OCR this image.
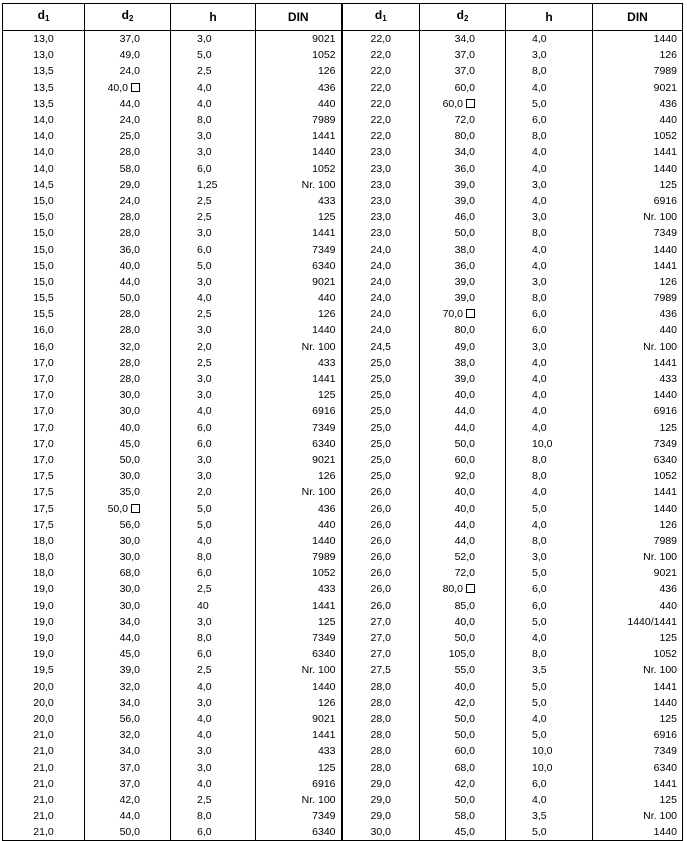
$d_1$	$d_2$	h	DIN	$d_1$	$d_2$	h	DIN
13,0	37,0	3,0	9021	22,0	34,0	4,0	1440
13,0	49,0	5,0	1052	22,0	37,0	3,0	126
13,5	24,0	2,5	126	22,0	37,0	8,0	7989
13,5	40,0	4,0	436	22,0	60,0	4,0	9021
13,5	44,0	4,0	440	22,0	60,0	5,0	436
14,0	24,0	8,0	7989	22,0	72,0	6,0	440
14,0	25,0	3,0	1441	22,0	80,0	8,0	1052
14,0	28,0	3,0	1440	23,0	34,0	4,0	1441
14,0	58,0	6,0	1052	23,0	36,0	4,0	1440
14,5	29,0	1,25	Nr. 100	23,0	39,0	3,0	125
15,0	24,0	2,5	433	23,0	39,0	4,0	6916
15,0	28,0	2,5	125	23,0	46,0	3,0	Nr. 100
15,0	28,0	3,0	1441	23,0	50,0	8,0	7349
15,0	36,0	6,0	7349	24,0	38,0	4,0	1440
15,0	40,0	5,0	6340	24,0	36,0	4,0	1441
15,0	44,0	3,0	9021	24,0	39,0	3,0	126
15,5	50,0	4,0	440	24,0	39,0	8,0	7989
15,5	28,0	2,5	126	24,0	70,0	6,0	436
16,0	28,0	3,0	1440	24,0	80,0	6,0	440
16,0	32,0	2,0	Nr. 100	24,5	49,0	3,0	Nr. 100
17,0	28,0	2,5	433	25,0	38,0	4,0	1441
17,0	28,0	3,0	1441	25,0	39,0	4,0	433
17,0	30,0	3,0	125	25,0	40,0	4,0	1440
17,0	30,0	4,0	6916	25,0	44,0	4,0	6916
17,0	40,0	6,0	7349	25,0	44,0	4,0	125
17,0	45,0	6,0	6340	25,0	50,0	10,0	7349
17,0	50,0	3,0	9021	25,0	60,0	8,0	6340
17,5	30,0	3,0	126	25,0	92,0	8,0	1052
17,5	35,0	2,0	Nr. 100	26,0	40,0	4,0	1441
17,5	50,0	5,0	436	26,0	40,0	5,0	1440
17,5	56,0	5,0	440	26,0	44,0	4,0	126
18,0	30,0	4,0	1440	26,0	44,0	8,0	7989
18,0	30,0	8,0	7989	26,0	52,0	3,0	Nr. 100
18,0	68,0	6,0	1052	26,0	72,0	5,0	9021
19,0	30,0	2,5	433	26,0	80,0	6,0	436
19,0	30,0	40	1441	26,0	85,0	6,0	440
19,0	34,0	3,0	125	27,0	40,0	5,0	1440/1441
19,0	44,0	8,0	7349	27,0	50,0	4,0	125
19,0	45,0	6,0	6340	27,0	105,0	8,0	1052
19,5	39,0	2,5	Nr. 100	27,5	55,0	3,5	Nr. 100
20,0	32,0	4,0	1440	28,0	40,0	5,0	1441
20,0	34,0	3,0	126	28,0	42,0	5,0	1440
20,0	56,0	4,0	9021	28,0	50,0	4,0	125
21,0	32,0	4,0	1441	28,0	50,0	5,0	6916
21,0	34,0	3,0	433	28,0	60,0	10,0	7349
21,0	37,0	3,0	125	28,0	68,0	10,0	6340
21,0	37,0	4,0	6916	29,0	42,0	6,0	1441
21,0	42,0	2,5	Nr. 100	29,0	50,0	4,0	125
21,0	44,0	8,0	7349	29,0	58,0	3,5	Nr. 100
21,0	50,0	6,0	6340	30,0	45,0	5,0	1440
